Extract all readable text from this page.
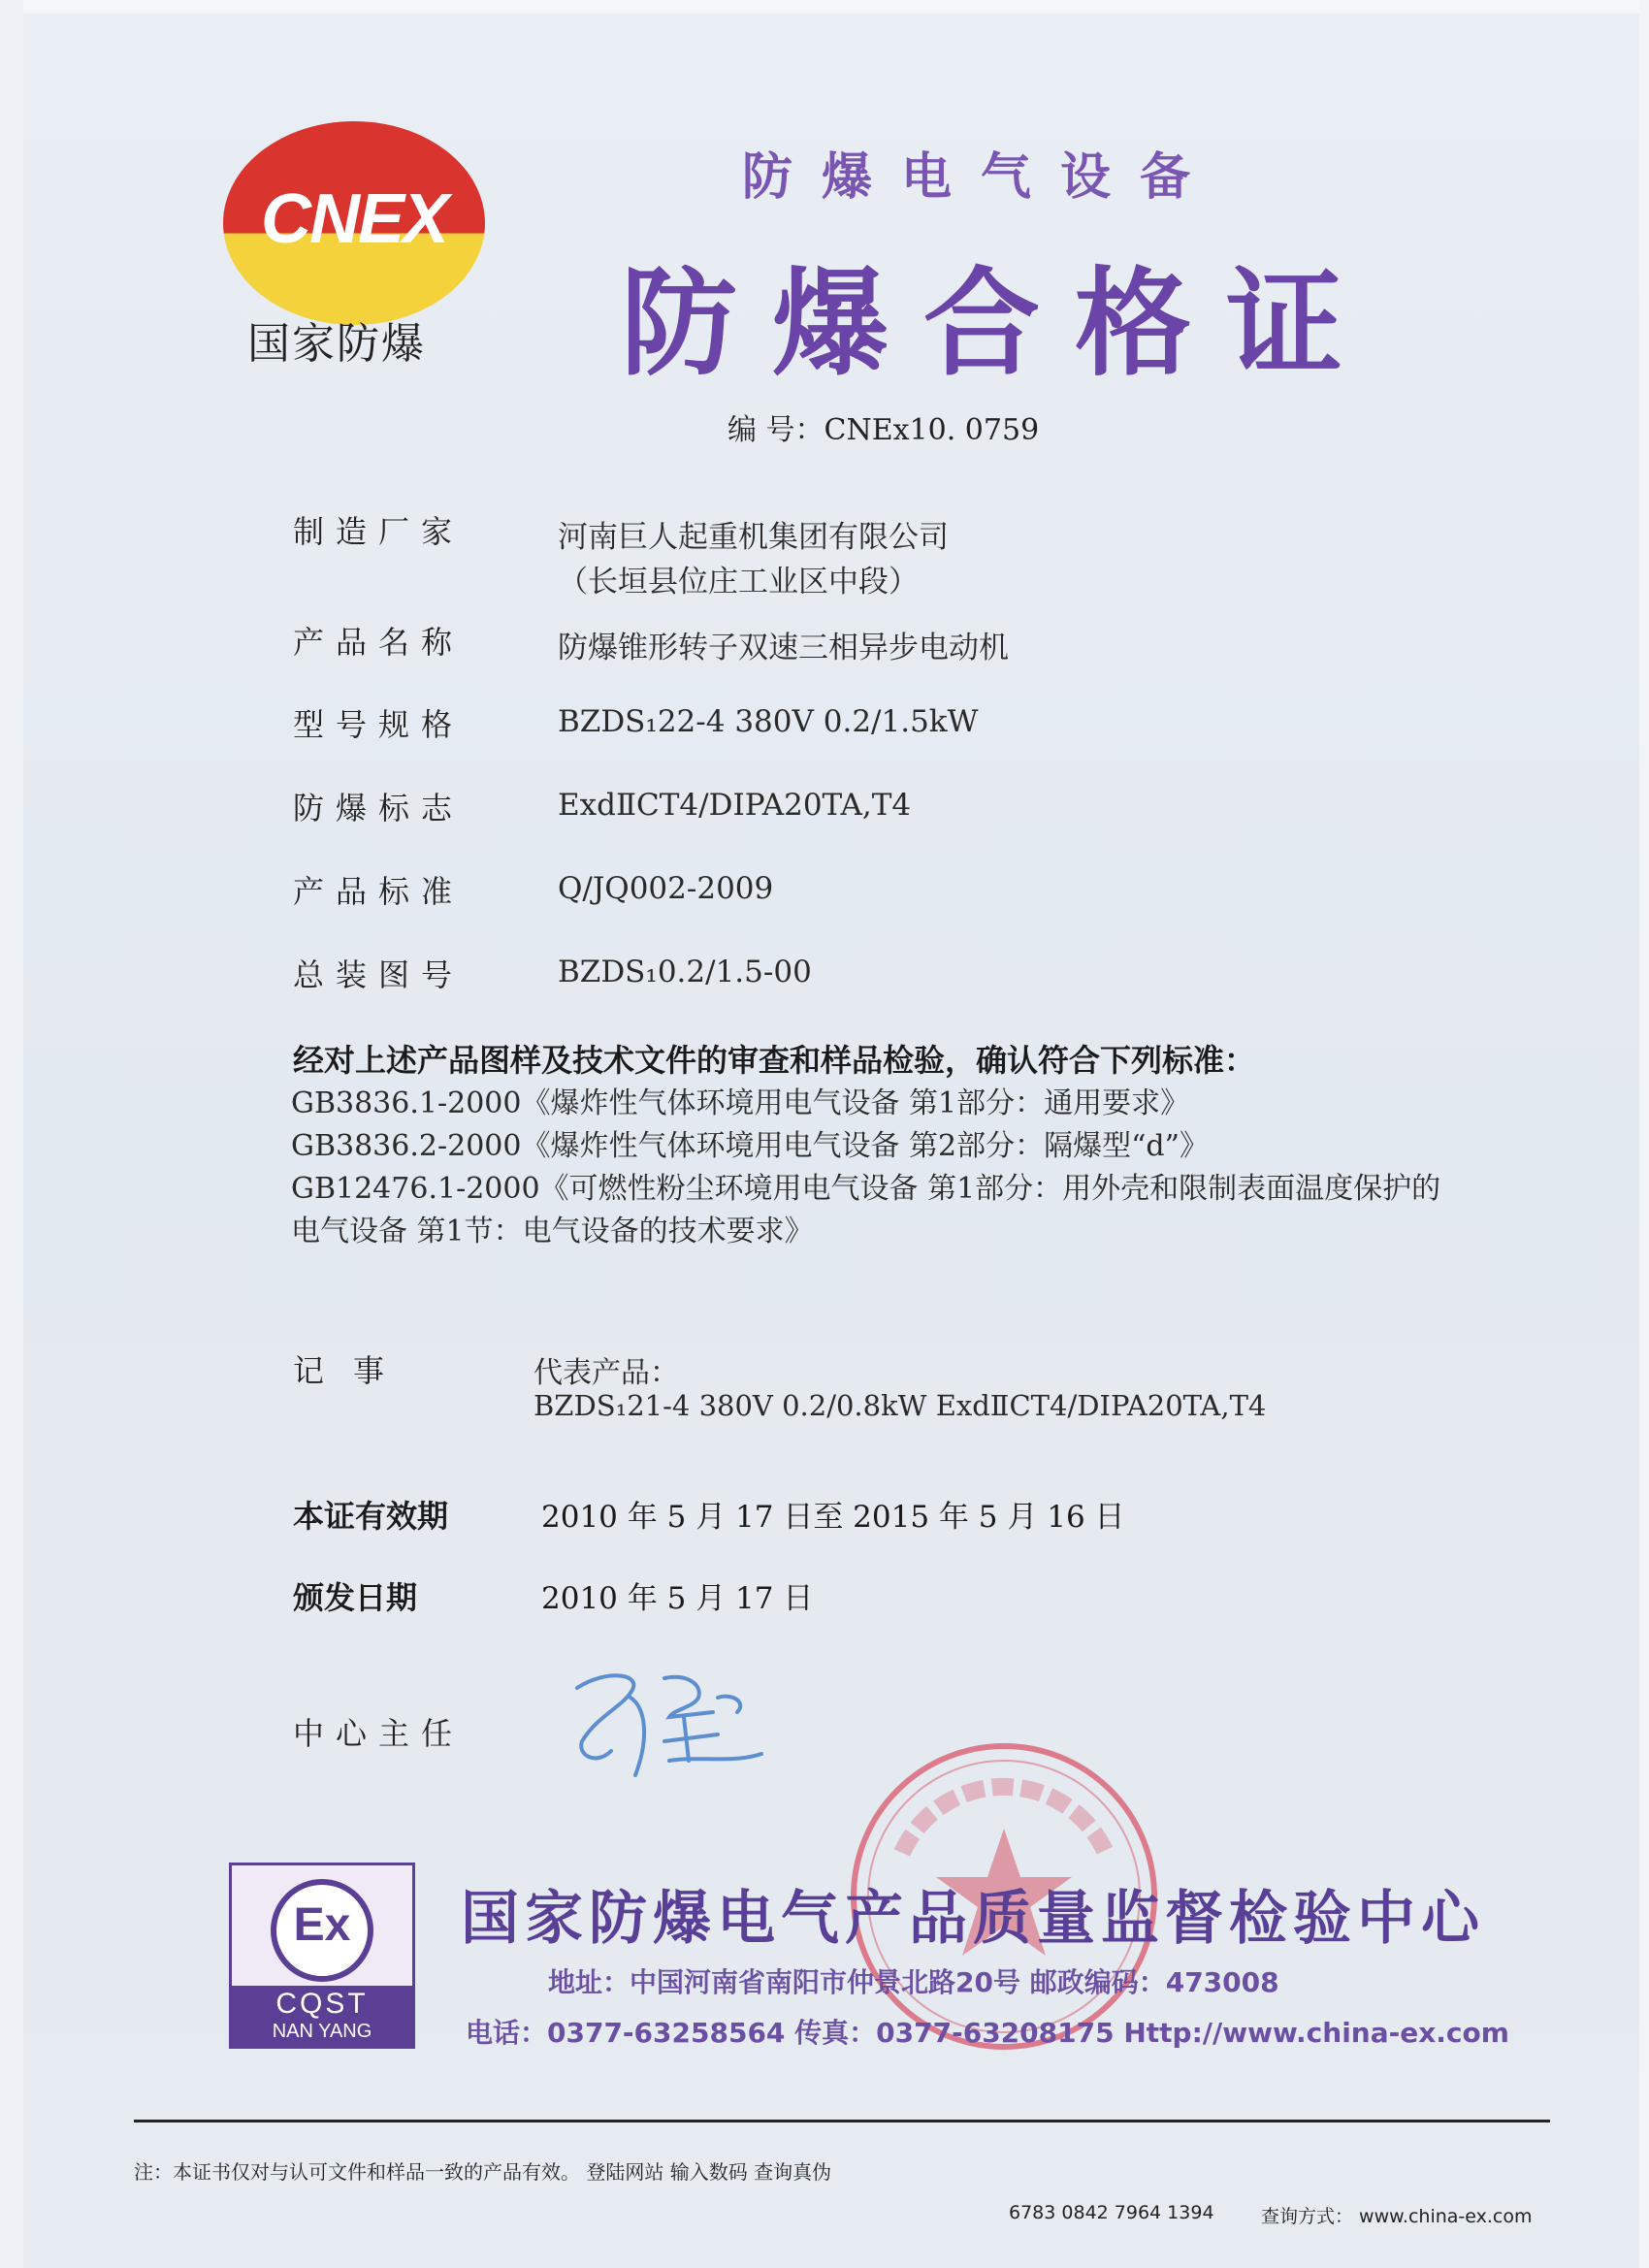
CNEX
国家防爆
防爆电气设备
防爆合格证
编 号：CNEx10. 0759
制造厂家	河南巨人起重机集团有限公司
（长垣县位庄工业区中段）
产品名称	防爆锥形转子双速三相异步电动机
型号规格	BZDS₁22-4 380V 0.2/1.5kW
防爆标志	ExdⅡCT4/DIPA20TA,T4
产品标准	Q/JQ002-2009
总装图号	BZDS₁0.2/1.5-00
经对上述产品图样及技术文件的审查和样品检验，确认符合下列标准：
GB3836.1-2000《爆炸性气体环境用电气设备 第1部分：通用要求》
GB3836.2-2000《爆炸性气体环境用电气设备 第2部分：隔爆型“d”》
GB12476.1-2000《可燃性粉尘环境用电气设备 第1部分：用外壳和限制表面温度保护的
电气设备 第1节：电气设备的技术要求》
记事	代表产品：
BZDS₁21-4 380V 0.2/0.8kW ExdⅡCT4/DIPA20TA,T4
本证有效期	2010 年 5 月 17 日至 2015 年 5 月 16 日
颁发日期	2010 年 5 月 17 日
中心主任
Ex
CQST
NAN YANG
国家防爆电气产品质量监督检验中心
地址：中国河南省南阳市仲景北路20号 邮政编码：473008
电话：0377-63258564 传真：0377-63208175 Http://www.china-ex.com
注：本证书仅对与认可文件和样品一致的产品有效。 登陆网站 输入数码 查询真伪
6783 0842 7964 1394	查询方式： www.china-ex.com
